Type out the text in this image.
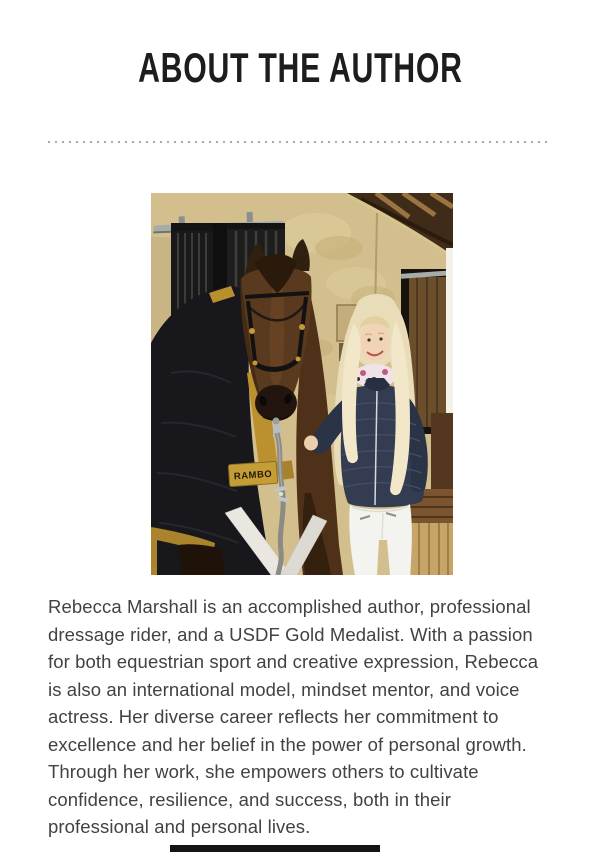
ABOUT THE AUTHOR
RAMBO
Rebecca Marshall is an accomplished author, professional
dressage rider, and a USDF Gold Medalist. With a passion
for both equestrian sport and creative expression, Rebecca
is also an international model, mindset mentor, and voice
actress. Her diverse career reflects her commitment to
excellence and her belief in the power of personal growth.
Through her work, she empowers others to cultivate
confidence, resilience, and success, both in their
professional and personal lives.
